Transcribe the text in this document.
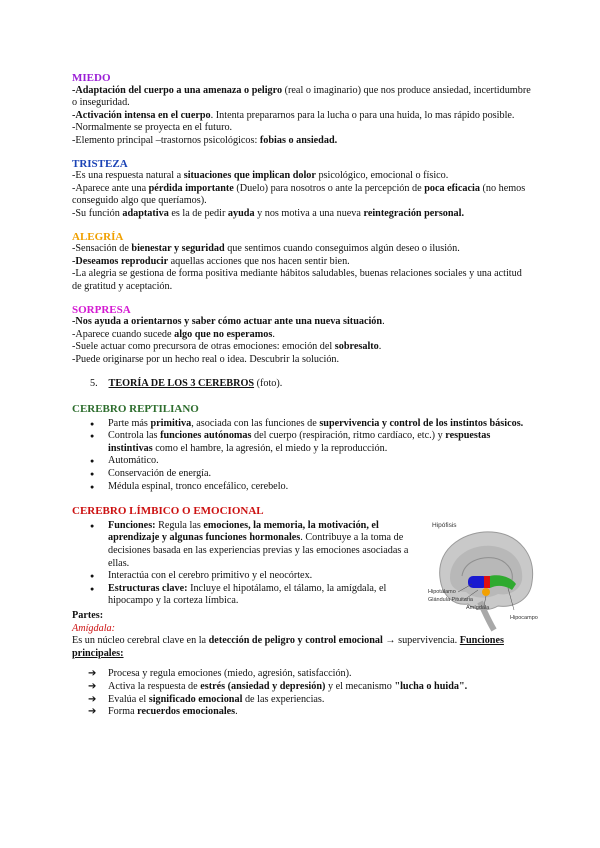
MIEDO

-Adaptación del cuerpo a una amenaza o peligro (real o imaginario) que nos produce ansiedad, incertidumbre o inseguridad.

-Activación intensa en el cuerpo. Intenta prepararnos para la lucha o para una huida, lo mas rápido posible.

-Normalmente se proyecta en el futuro.

-Elemento principal –trastornos psicológicos: fobias o ansiedad.

TRISTEZA

-Es una respuesta natural a situaciones que implican dolor psicológico, emocional o físico.

-Aparece ante una pérdida importante (Duelo) para nosotros o ante la percepción de poca eficacia (no hemos conseguido algo que queríamos).

-Su función adaptativa es la de pedir ayuda y nos motiva a una nueva reintegración personal.

ALEGRÍA

-Sensación de bienestar y seguridad que sentimos cuando conseguimos algún deseo o ilusión.

-Deseamos reproducir aquellas acciones que nos hacen sentir bien.

-La alegria se gestiona de forma positiva mediante hábitos saludables, buenas relaciones sociales y una actitud de gratitud y aceptación.

SORPRESA

-Nos ayuda a orientarnos y saber cómo actuar ante una nueva situación.

-Aparece cuando sucede algo que no esperamos.

-Suele actuar como precursora de otras emociones: emoción del sobresalto.

-Puede originarse por un hecho real o idea. Descubrir la solución.

5. TEORÍA DE LOS 3 CEREBROS (foto).

CEREBRO REPTILIANO
● Parte más primitiva, asociada con las funciones de supervivencia y control de los instintos básicos.
● Controla las funciones autónomas del cuerpo (respiración, ritmo cardíaco, etc.) y respuestas instintivas como el hambre, la agresión, el miedo y la reproducción.
● Automático.
● Conservación de energía.
● Médula espinal, tronco encefálico, cerebelo.
CEREBRO LÍMBICO O EMOCIONAL
● Funciones: Regula las emociones, la memoria, la motivación, el aprendizaje y algunas funciones hormonales. Contribuye a la toma de decisiones basada en las experiencias previas y las emociones asociadas a ellas.
● Interactúa con el cerebro primitivo y el neocórtex.
● Estructuras clave: Incluye el hipotálamo, el tálamo, la amígdala, el hipocampo y la corteza límbica.
Hipófisis
Hipotálamo
Glándula Pituitaria
Amígdala
Hipocampo

Partes:

Amígdala:

Es un núcleo cerebral clave en la detección de peligro y control emocional → supervivencia. Funciones principales:

➔ Procesa y regula emociones (miedo, agresión, satisfacción).
➔ Activa la respuesta de estrés (ansiedad y depresión) y el mecanismo "lucha o huida".
➔ Evalúa el significado emocional de las experiencias.
➔ Forma recuerdos emocionales.
